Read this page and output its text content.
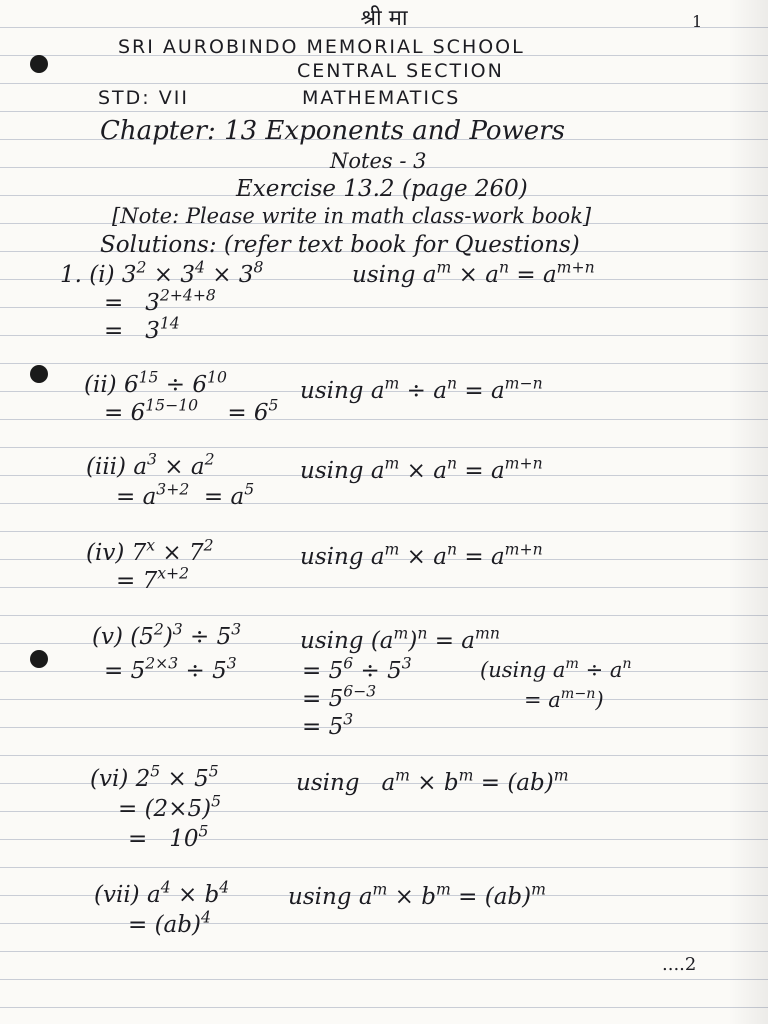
श्री मा	1
SRI AUROBINDO MEMORIAL SCHOOL
CENTRAL SECTION
STD: VII	MATHEMATICS
Chapter: 13 Exponents and Powers
Notes - 3
Exercise 13.2 (page 260)
[Note: Please write in math class-work book]
Solutions: (refer text book for Questions)
1. (i) $3^2 \times 3^4 \times 3^8$	using $a^m \times a^n = a^{m+n}$
=   $3^{2+4+8}$
=   $3^{14}$
(ii) $6^{15} \div 6^{10}$
using $a^m \div a^n = a^{m-n}$
= $6^{15-10}$    = $6^5$
(iii) $a^3 \times a^2$	using $a^m \times a^n = a^{m+n}$
= $a^{3+2} = a^5$
(iv) $7^x \times 7^2$	using $a^m \times a^n = a^{m+n}$
= $7^{x+2}$
(v) $(5^2)^3 \div 5^3$	using $(a^m)^n = a^{mn}$
= $5^{2\times 3} \div 5^3$	= $5^6 \div 5^3$	(using $a^m \div a^n$
= $a^{m-n}$)
= $5^{6-3}$
= $5^3$
(vi) $2^5 \times 5^5$	using   $a^m \times b^m = (ab)^m$
= $(2\times 5)^5$
=   $10^5$
(vii) $a^4 \times b^4$	using $a^m \times b^m = (ab)^m$
= (ab)$^4$
....2
